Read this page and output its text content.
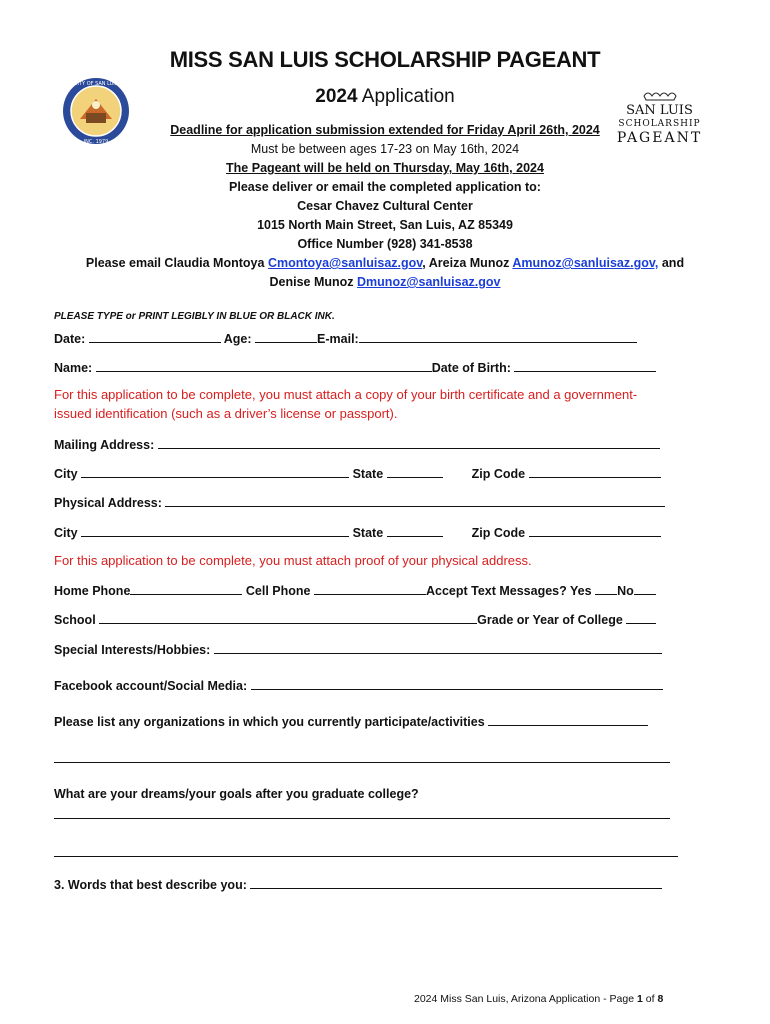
MISS SAN LUIS SCHOLARSHIP PAGEANT
2024 Application
CITY OF SAN LUIS
INC. 1979
SAN LUIS
SCHOLARSHIP
PAGEANT
Deadline for application submission extended for Friday April 26th, 2024
Must be between ages 17-23 on May 16th, 2024
The Pageant will be held on Thursday, May 16th, 2024
Please deliver or email the completed application to:
Cesar Chavez Cultural Center
1015 North Main Street, San Luis, AZ 85349
Office Number (928) 341-8538
Please email Claudia Montoya Cmontoya@sanluisaz.gov, Areiza Munoz Amunoz@sanluisaz.gov, and
Denise Munoz Dmunoz@sanluisaz.gov
PLEASE TYPE or PRINT LEGIBLY IN BLUE OR BLACK INK.
Date:	Age:	E-mail:
Name:	Date of Birth:
For this application to be complete, you must attach a copy of your birth certificate and a government-issued identification (such as a driver’s license or passport).
Mailing Address:
City	State	Zip Code
Physical Address:
City	State	Zip Code
For this application to be complete, you must attach proof of your physical address.
Home Phone	Cell Phone	Accept Text Messages? Yes No
School	Grade or Year of College
Special Interests/Hobbies:
Facebook account/Social Media:
Please list any organizations in which you currently participate/activities
What are your dreams/your goals after you graduate college?
3. Words that best describe you:
2024 Miss San Luis, Arizona Application - Page 1 of 8
